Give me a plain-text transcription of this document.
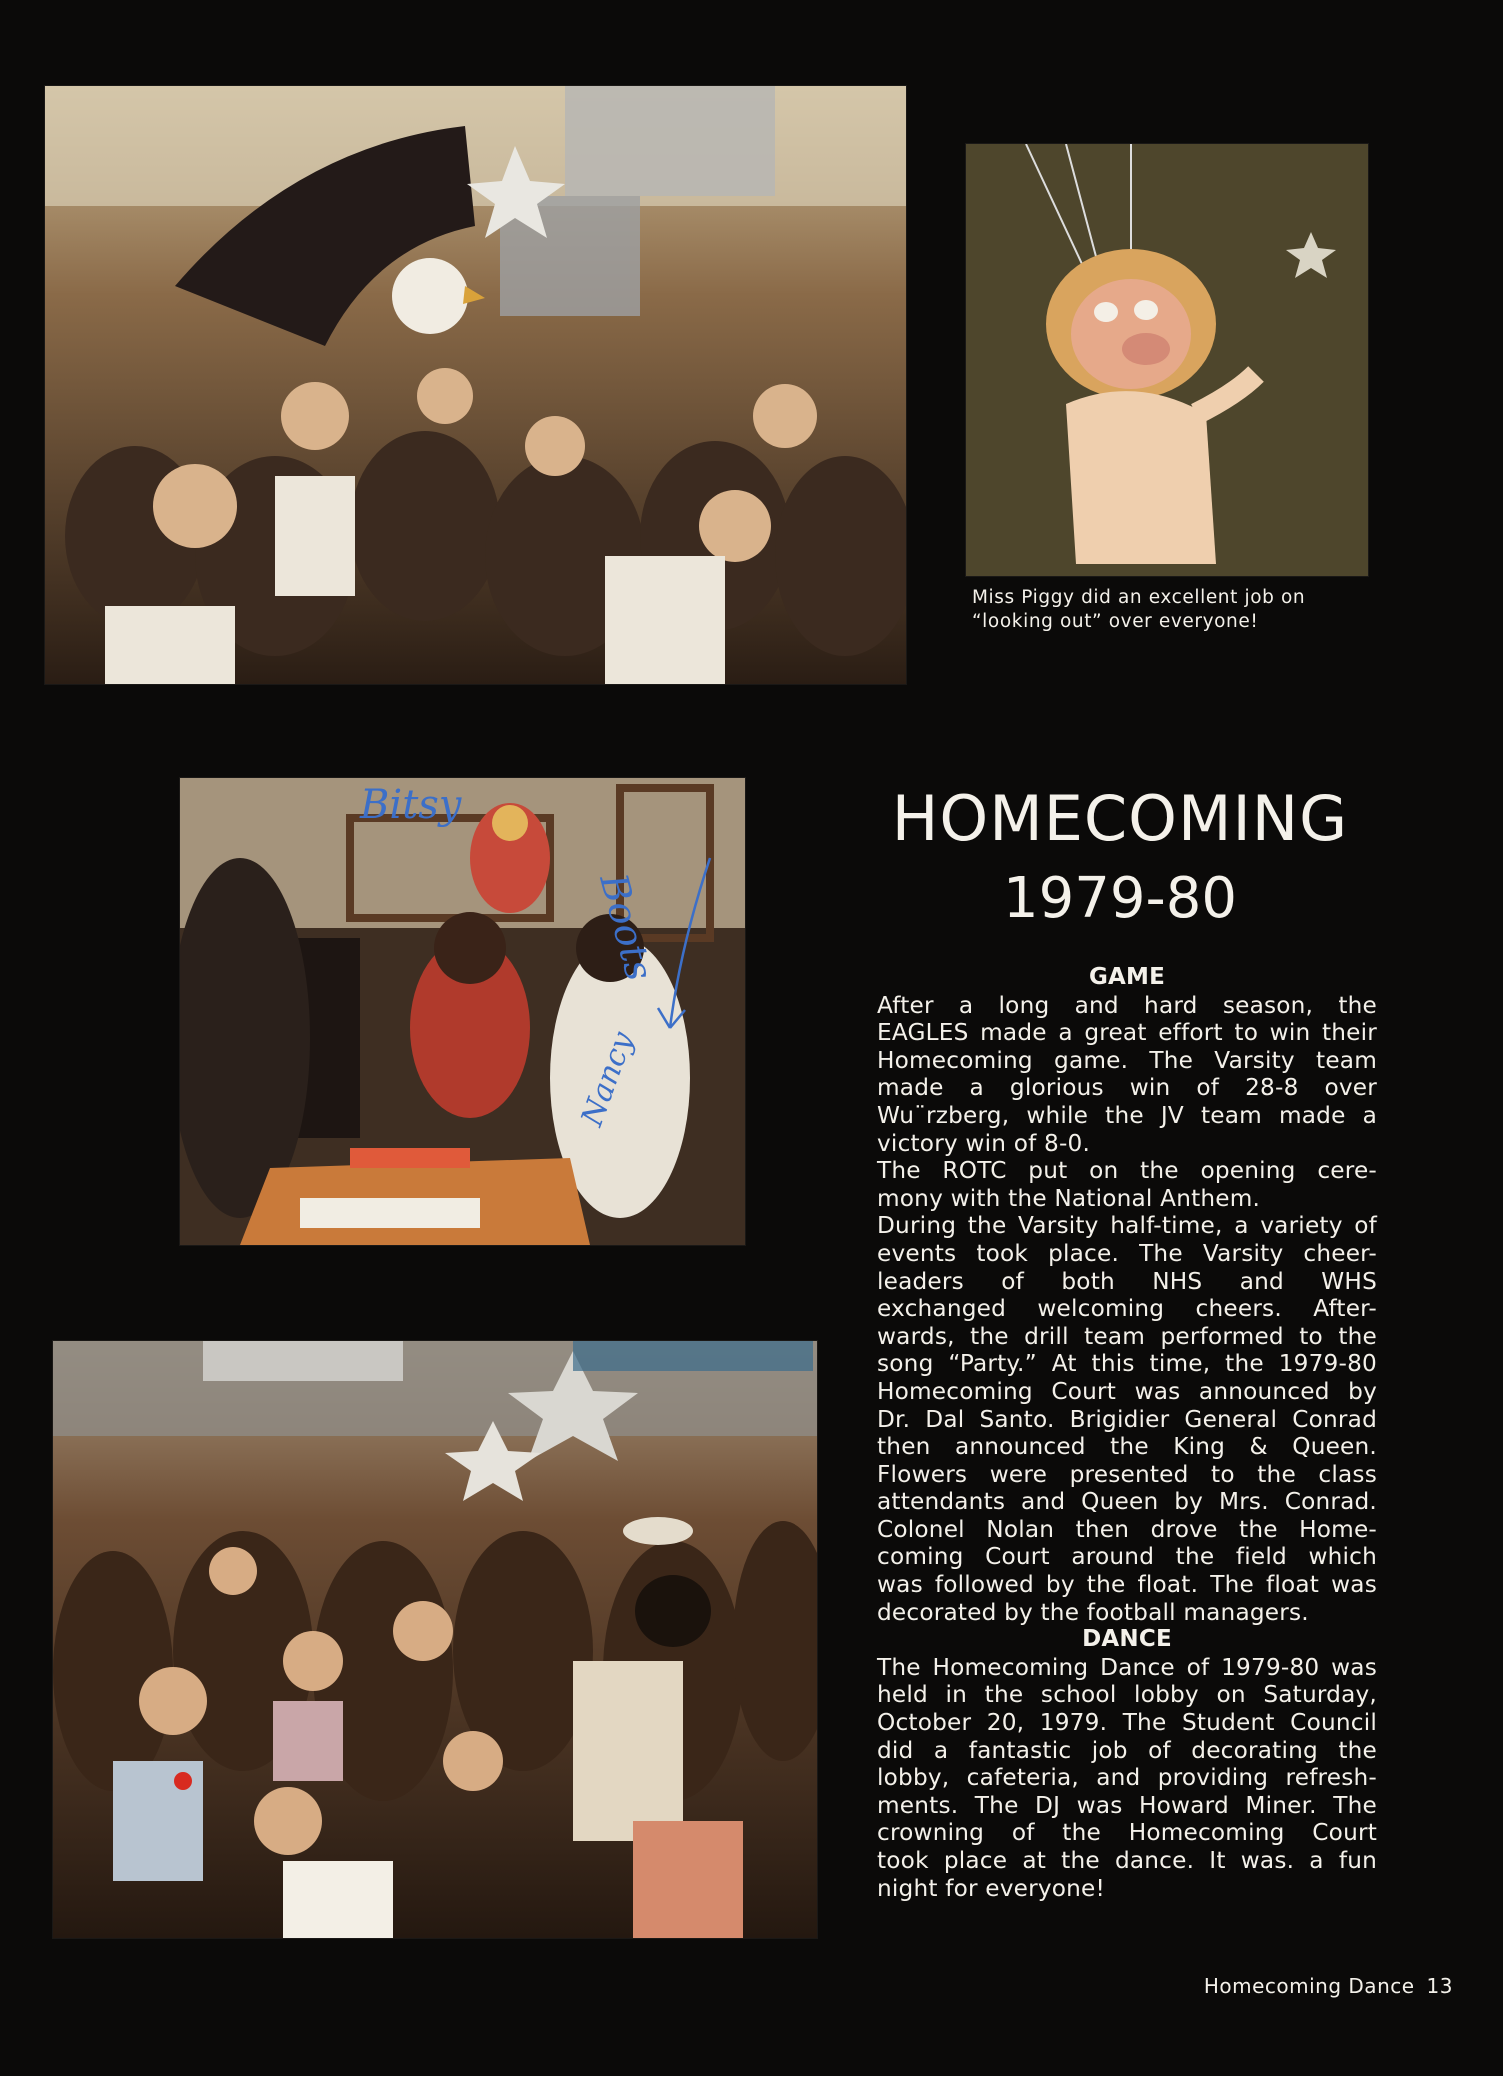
Miss Piggy did an excellent job on
“looking out” over everyone!
Bitsy
Boots
Nancy
HOMECOMING
1979-80
GAME
After a long and hard season, the
EAGLES made a great effort to win their
Homecoming game. The Varsity team
made a glorious win of 28-8 over
Wu¨rzberg, while the JV team made a
victory win of 8-0.
The ROTC put on the opening cere-
mony with the National Anthem.
During the Varsity half-time, a variety of
events took place. The Varsity cheer-
leaders of both NHS and WHS
exchanged welcoming cheers. After-
wards, the drill team performed to the
song “Party.” At this time, the 1979-80
Homecoming Court was announced by
Dr. Dal Santo. Brigidier General Conrad
then announced the King & Queen.
Flowers were presented to the class
attendants and Queen by Mrs. Conrad.
Colonel Nolan then drove the Home-
coming Court around the field which
was followed by the float. The float was
decorated by the football managers.
DANCE
The Homecoming Dance of 1979-80 was
held in the school lobby on Saturday,
October 20, 1979. The Student Council
did a fantastic job of decorating the
lobby, cafeteria, and providing refresh-
ments. The DJ was Howard Miner. The
crowning of the Homecoming Court
took place at the dance. It was. a fun
night for everyone!
Homecoming Dance 13
